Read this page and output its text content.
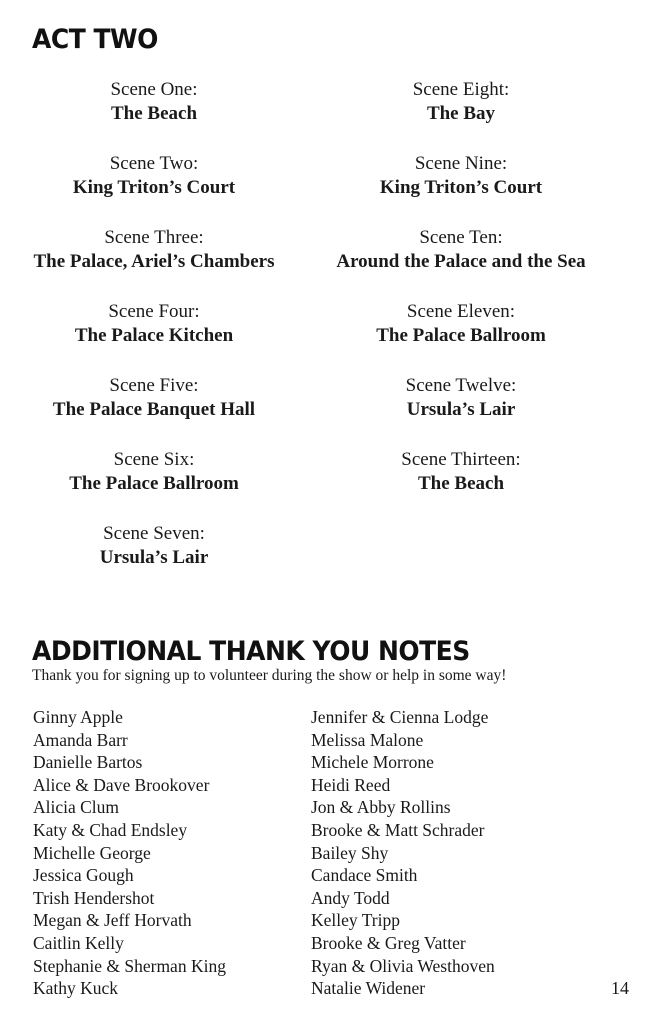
ACT TWO
Scene One:
The Beach
Scene Two:
King Triton’s Court
Scene Three:
The Palace, Ariel’s Chambers
Scene Four:
The Palace Kitchen
Scene Five:
The Palace Banquet Hall
Scene Six:
The Palace Ballroom
Scene Seven:
Ursula’s Lair
Scene Eight:
The Bay
Scene Nine:
King Triton’s Court
Scene Ten:
Around the Palace and the Sea
Scene Eleven:
The Palace Ballroom
Scene Twelve:
Ursula’s Lair
Scene Thirteen:
The Beach
ADDITIONAL THANK YOU NOTES
Thank you for signing up to volunteer during the show or help in some way!
Ginny Apple
Amanda Barr
Danielle Bartos
Alice & Dave Brookover
Alicia Clum
Katy & Chad Endsley
Michelle George
Jessica Gough
Trish Hendershot
Megan & Jeff Horvath
Caitlin Kelly
Stephanie & Sherman King
Kathy Kuck
Jennifer & Cienna Lodge
Melissa Malone
Michele Morrone
Heidi Reed
Jon & Abby Rollins
Brooke & Matt Schrader
Bailey Shy
Candace Smith
Andy Todd
Kelley Tripp
Brooke & Greg Vatter
Ryan & Olivia Westhoven
Natalie Widener	14
